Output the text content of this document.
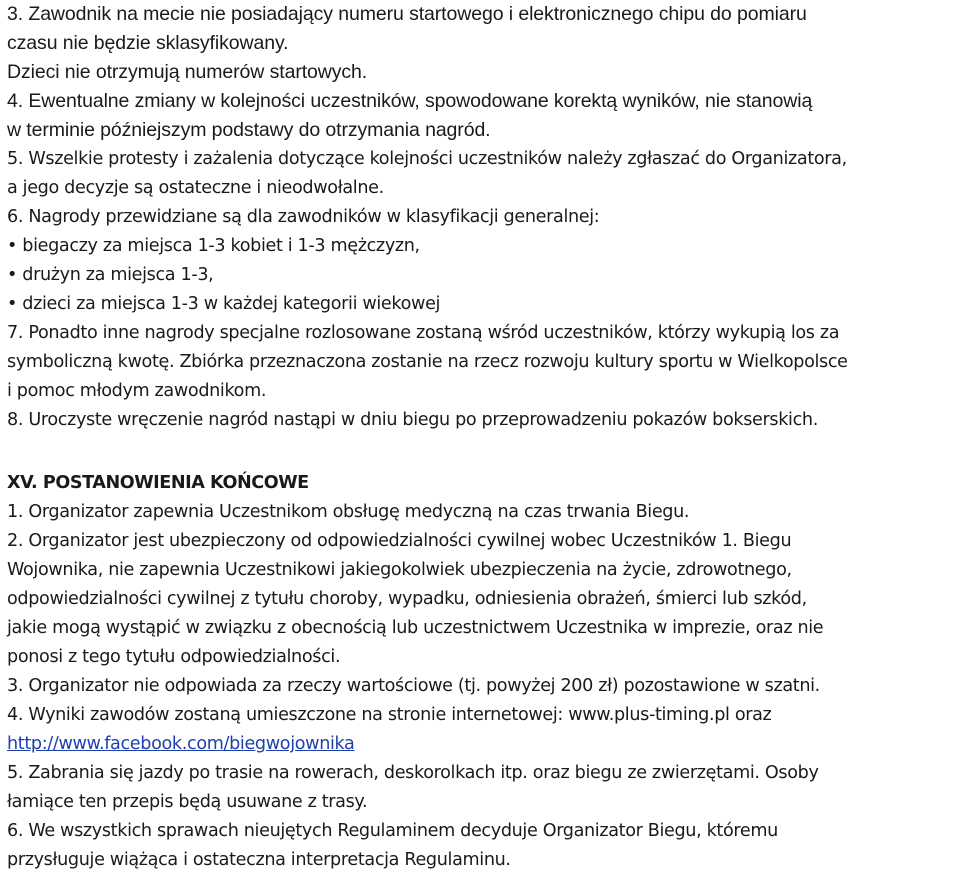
3. Zawodnik na mecie nie posiadający numeru startowego i elektronicznego chipu do pomiaru
czasu nie będzie sklasyfikowany.
Dzieci nie otrzymują numerów startowych.
4. Ewentualne zmiany w kolejności uczestników, spowodowane korektą wyników, nie stanowią
w terminie późniejszym podstawy do otrzymania nagród.
5. Wszelkie protesty i zażalenia dotyczące kolejności uczestników należy zgłaszać do Organizatora,
a jego decyzje są ostateczne i nieodwołalne.
6. Nagrody przewidziane są dla zawodników w klasyfikacji generalnej:
• biegaczy za miejsca 1-3 kobiet i 1-3 mężczyzn,
• drużyn za miejsca 1-3,
• dzieci za miejsca 1-3 w każdej kategorii wiekowej
7. Ponadto inne nagrody specjalne rozlosowane zostaną wśród uczestników, którzy wykupią los za
symboliczną kwotę. Zbiórka przeznaczona zostanie na rzecz rozwoju kultury sportu w Wielkopolsce
i pomoc młodym zawodnikom.
8. Uroczyste wręczenie nagród nastąpi w dniu biegu po przeprowadzeniu pokazów bokserskich.
XV. POSTANOWIENIA KOŃCOWE
1. Organizator zapewnia Uczestnikom obsługę medyczną na czas trwania Biegu.
2. Organizator jest ubezpieczony od odpowiedzialności cywilnej wobec Uczestników 1. Biegu
Wojownika, nie zapewnia Uczestnikowi jakiegokolwiek ubezpieczenia na życie, zdrowotnego,
odpowiedzialności cywilnej z tytułu choroby, wypadku, odniesienia obrażeń, śmierci lub szkód,
jakie mogą wystąpić w związku z obecnością lub uczestnictwem Uczestnika w imprezie, oraz nie
ponosi z tego tytułu odpowiedzialności.
3. Organizator nie odpowiada za rzeczy wartościowe (tj. powyżej 200 zł) pozostawione w szatni.
4. Wyniki zawodów zostaną umieszczone na stronie internetowej: www.plus-timing.pl oraz
http://www.facebook.com/biegwojownika
5. Zabrania się jazdy po trasie na rowerach, deskorolkach itp. oraz biegu ze zwierzętami. Osoby
łamiące ten przepis będą usuwane z trasy.
6. We wszystkich sprawach nieujętych Regulaminem decyduje Organizator Biegu, któremu
przysługuje wiążąca i ostateczna interpretacja Regulaminu.
